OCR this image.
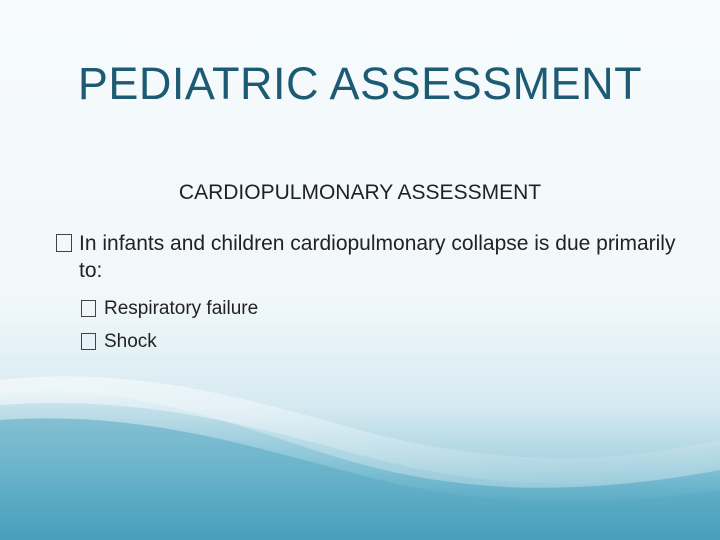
PEDIATRIC ASSESSMENT
CARDIOPULMONARY ASSESSMENT
In infants and children cardiopulmonary collapse is due primarily to:
Respiratory failure
Shock
